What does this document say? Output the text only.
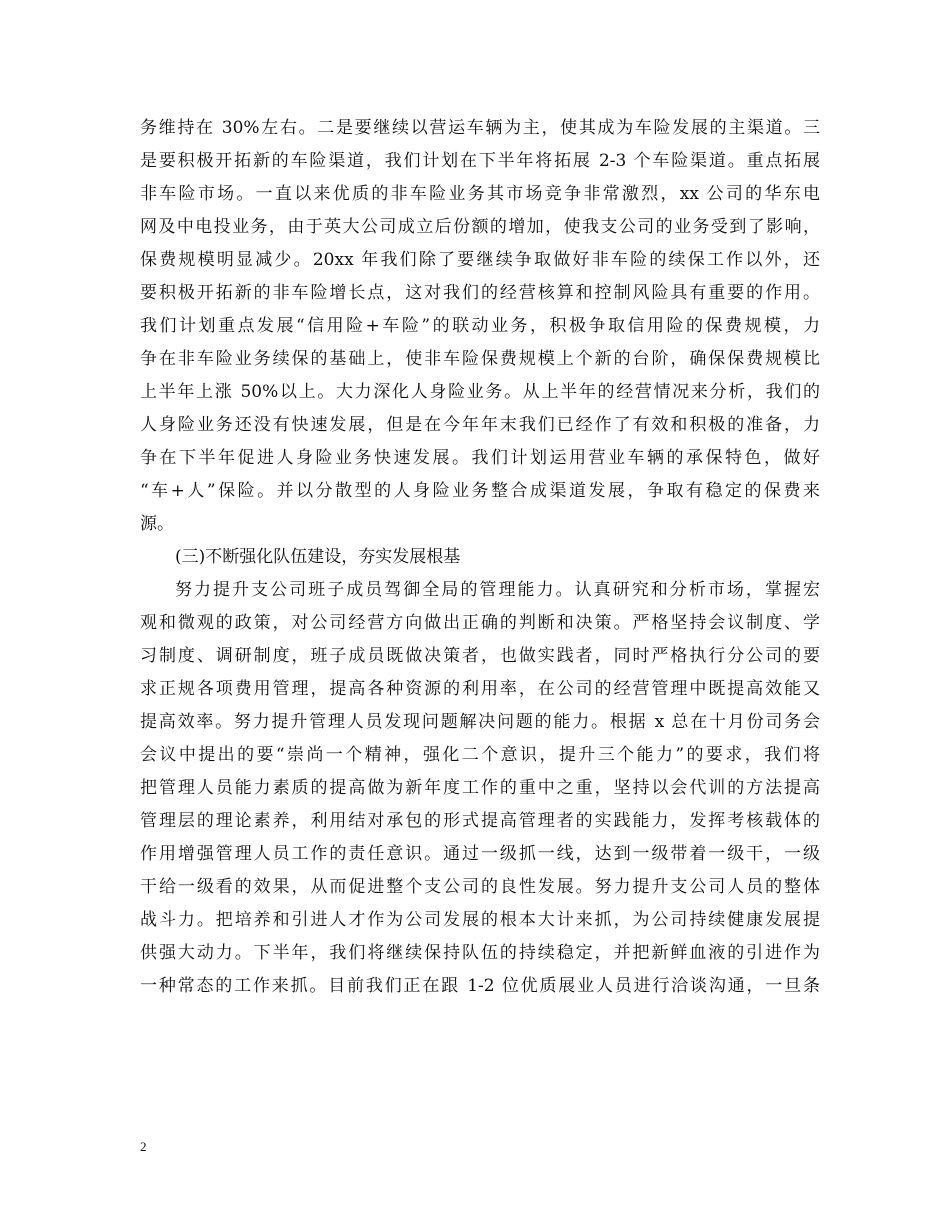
务维持在 30%左右。二是要继续以营运车辆为主，使其成为车险发展的主渠道。三
是要积极开拓新的车险渠道，我们计划在下半年将拓展 2-3 个车险渠道。重点拓展
非车险市场。一直以来优质的非车险业务其市场竞争非常激烈，xx 公司的华东电
网及中电投业务，由于英大公司成立后份额的增加，使我支公司的业务受到了影响，
保费规模明显减少。20xx 年我们除了要继续争取做好非车险的续保工作以外，还
要积极开拓新的非车险增长点，这对我们的经营核算和控制风险具有重要的作用。
我们计划重点发展“信用险+车险”的联动业务，积极争取信用险的保费规模，力
争在非车险业务续保的基础上，使非车险保费规模上个新的台阶，确保保费规模比
上半年上涨 50%以上。大力深化人身险业务。从上半年的经营情况来分析，我们的
人身险业务还没有快速发展，但是在今年年末我们已经作了有效和积极的准备，力
争在下半年促进人身险业务快速发展。我们计划运用营业车辆的承保特色，做好
“车+人”保险。并以分散型的人身险业务整合成渠道发展，争取有稳定的保费来
源。
(三)不断强化队伍建设，夯实发展根基
努力提升支公司班子成员驾御全局的管理能力。认真研究和分析市场，掌握宏
观和微观的政策，对公司经营方向做出正确的判断和决策。严格坚持会议制度、学
习制度、调研制度，班子成员既做决策者，也做实践者，同时严格执行分公司的要
求正规各项费用管理，提高各种资源的利用率，在公司的经营管理中既提高效能又
提高效率。努力提升管理人员发现问题解决问题的能力。根据 x 总在十月份司务会
会议中提出的要“崇尚一个精神，强化二个意识，提升三个能力”的要求，我们将
把管理人员能力素质的提高做为新年度工作的重中之重，坚持以会代训的方法提高
管理层的理论素养，利用结对承包的形式提高管理者的实践能力，发挥考核载体的
作用增强管理人员工作的责任意识。通过一级抓一线，达到一级带着一级干，一级
干给一级看的效果，从而促进整个支公司的良性发展。努力提升支公司人员的整体
战斗力。把培养和引进人才作为公司发展的根本大计来抓，为公司持续健康发展提
供强大动力。下半年，我们将继续保持队伍的持续稳定，并把新鲜血液的引进作为
一种常态的工作来抓。目前我们正在跟 1-2 位优质展业人员进行洽谈沟通，一旦条
2
